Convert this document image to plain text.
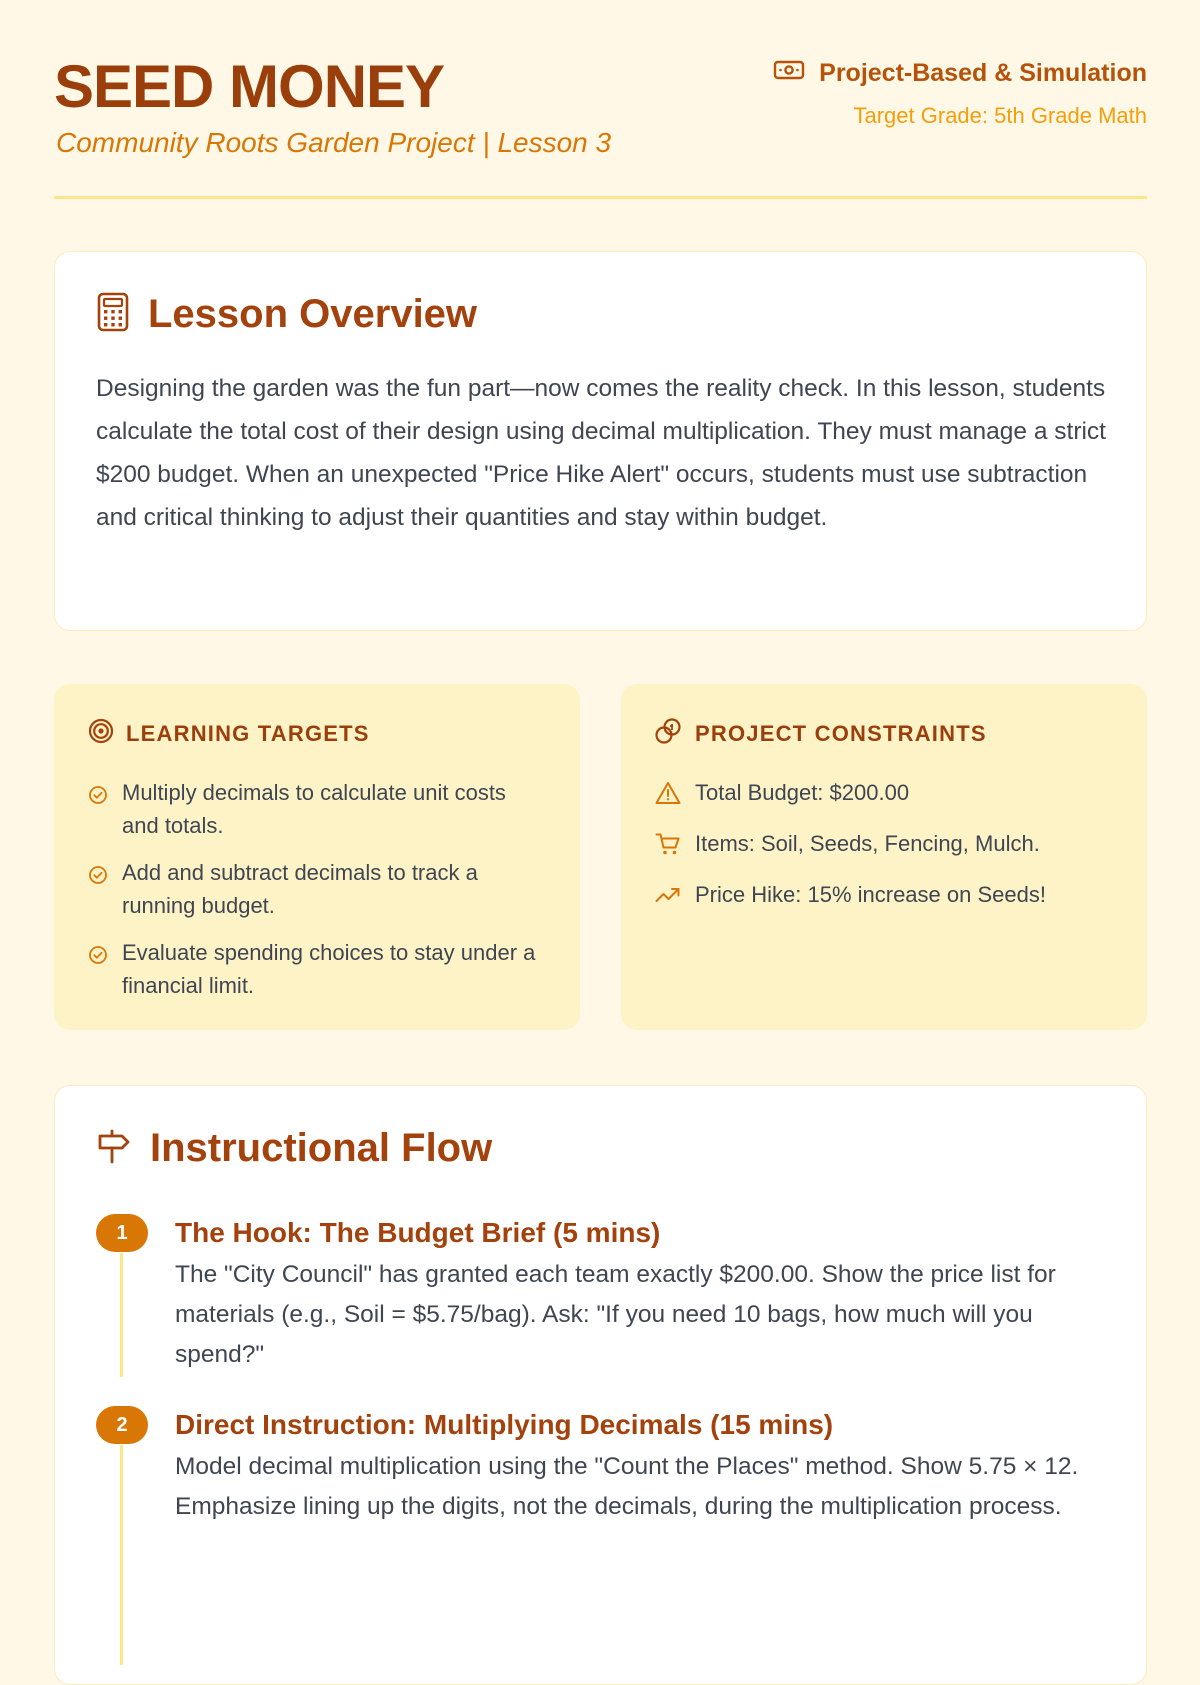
SEED MONEY
Community Roots Garden Project | Lesson 3
Project-Based & Simulation
Target Grade: 5th Grade Math
Lesson Overview

Designing the garden was the fun part—now comes the reality check. In this lesson, students calculate the total cost of their design using decimal multiplication. They must manage a strict $200 budget. When an unexpected "Price Hike Alert" occurs, students must use subtraction and critical thinking to adjust their quantities and stay within budget.

LEARNING TARGETS
Multiply decimals to calculate unit costs and totals.
Add and subtract decimals to track a running budget.
Evaluate spending choices to stay under a financial limit.
PROJECT CONSTRAINTS
Total Budget: $200.00
Items: Soil, Seeds, Fencing, Mulch.
Price Hike: 15% increase on Seeds!
Instructional Flow
1	The Hook: The Budget Brief (5 mins)
The "City Council" has granted each team exactly $200.00. Show the price list for materials (e.g., Soil = $5.75/bag). Ask: "If you need 10 bags, how much will you spend?"
2	Direct Instruction: Multiplying Decimals (15 mins)
Model decimal multiplication using the "Count the Places" method. Show 5.75 × 12. Emphasize lining up the digits, not the decimals, during the multiplication process.
